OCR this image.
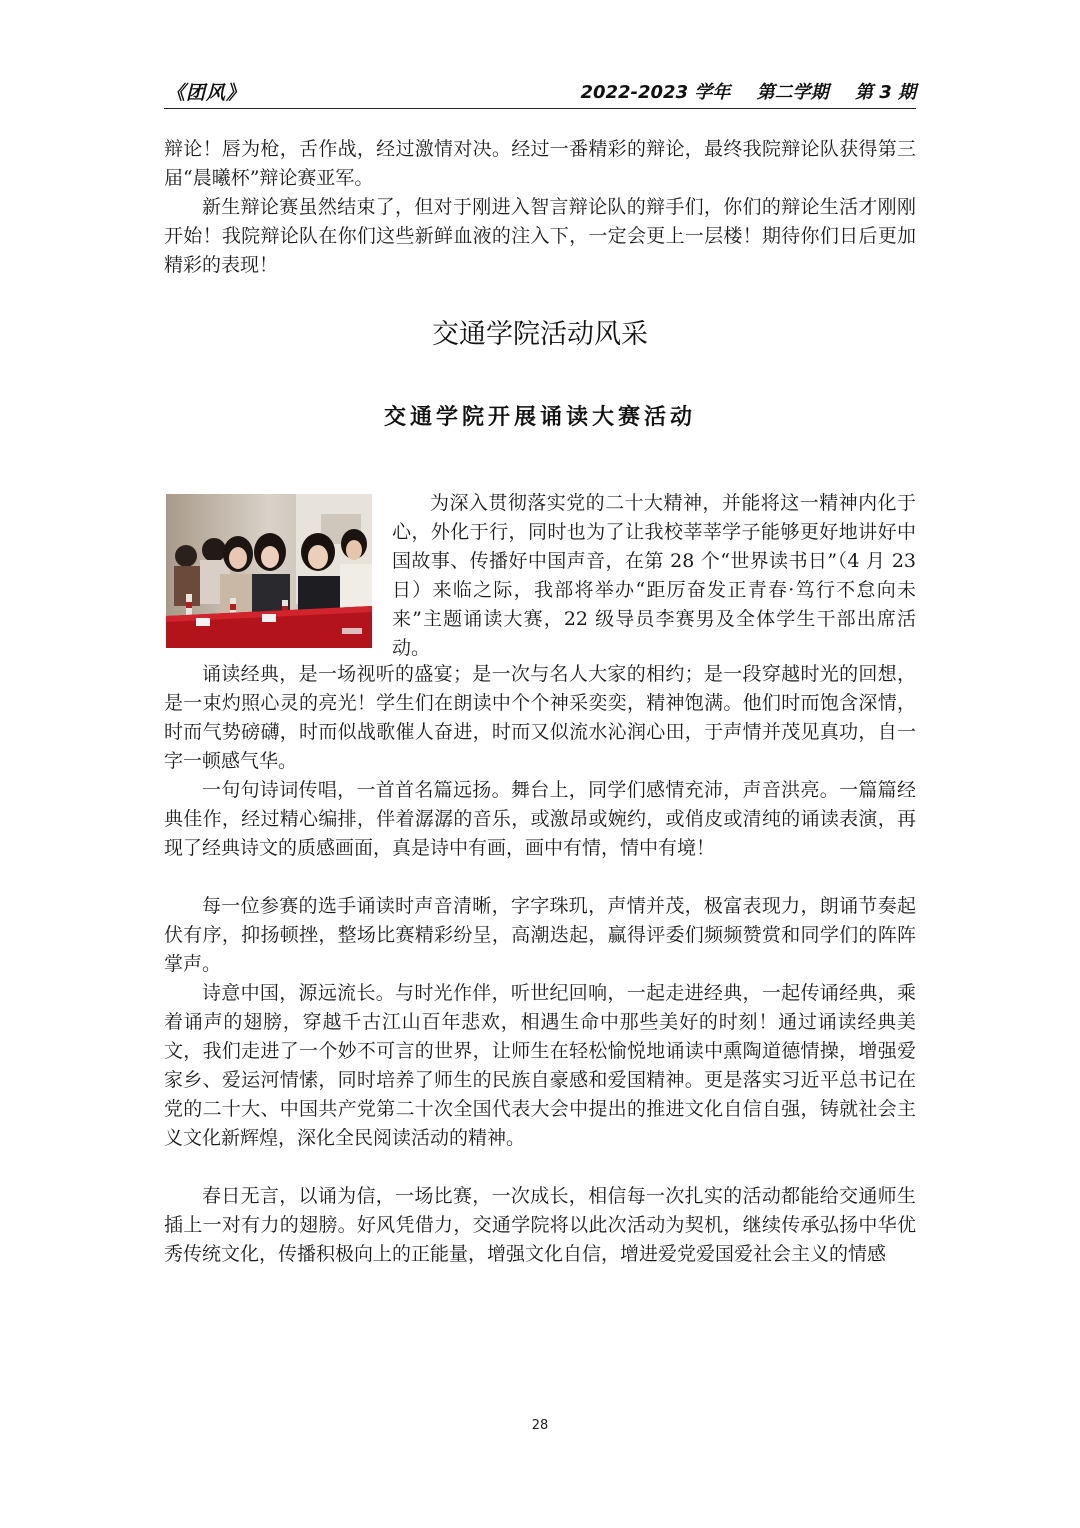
《团风》	2022-2023 学年 第二学期 第 3 期

辩论！唇为枪，舌作战，经过激情对决。经过一番精彩的辩论，最终我院辩论队获得第三届“晨曦杯”辩论赛亚军。

新生辩论赛虽然结束了，但对于刚进入智言辩论队的辩手们，你们的辩论生活才刚刚开始！我院辩论队在你们这些新鲜血液的注入下，一定会更上一层楼！期待你们日后更加精彩的表现！

交通学院活动风采
交通学院开展诵读大赛活动

为深入贯彻落实党的二十大精神，并能将这一精神内化于心，外化于行，同时也为了让我校莘莘学子能够更好地讲好中国故事、传播好中国声音，在第 28 个“世界读书日”（4 月 23 日）来临之际，我部将举办“距厉奋发正青春·笃行不怠向未来”主题诵读大赛，22 级导员李赛男及全体学生干部出席活动。

诵读经典，是一场视听的盛宴；是一次与名人大家的相约；是一段穿越时光的回想，是一束灼照心灵的亮光！学生们在朗读中个个神采奕奕，精神饱满。他们时而饱含深情，时而气势磅礴，时而似战歌催人奋进，时而又似流水沁润心田，于声情并茂见真功，自一字一顿感气华。

一句句诗词传唱，一首首名篇远扬。舞台上，同学们感情充沛，声音洪亮。一篇篇经典佳作，经过精心编排，伴着潺潺的音乐，或激昂或婉约，或俏皮或清纯的诵读表演，再现了经典诗文的质感画面，真是诗中有画，画中有情，情中有境！

每一位参赛的选手诵读时声音清晰，字字珠玑，声情并茂，极富表现力，朗诵节奏起伏有序，抑扬顿挫，整场比赛精彩纷呈，高潮迭起，赢得评委们频频赞赏和同学们的阵阵掌声。

诗意中国，源远流长。与时光作伴，听世纪回响，一起走进经典，一起传诵经典，乘着诵声的翅膀，穿越千古江山百年悲欢，相遇生命中那些美好的时刻！通过诵读经典美文，我们走进了一个妙不可言的世界，让师生在轻松愉悦地诵读中熏陶道德情操，增强爱家乡、爱运河情愫，同时培养了师生的民族自豪感和爱国精神。更是落实习近平总书记在党的二十大、中国共产党第二十次全国代表大会中提出的推进文化自信自强，铸就社会主义文化新辉煌，深化全民阅读活动的精神。

春日无言，以诵为信，一场比赛，一次成长，相信每一次扎实的活动都能给交通师生插上一对有力的翅膀。好风凭借力，交通学院将以此次活动为契机，继续传承弘扬中华优秀传统文化，传播积极向上的正能量，增强文化自信，增进爱党爱国爱社会主义的情感

28
